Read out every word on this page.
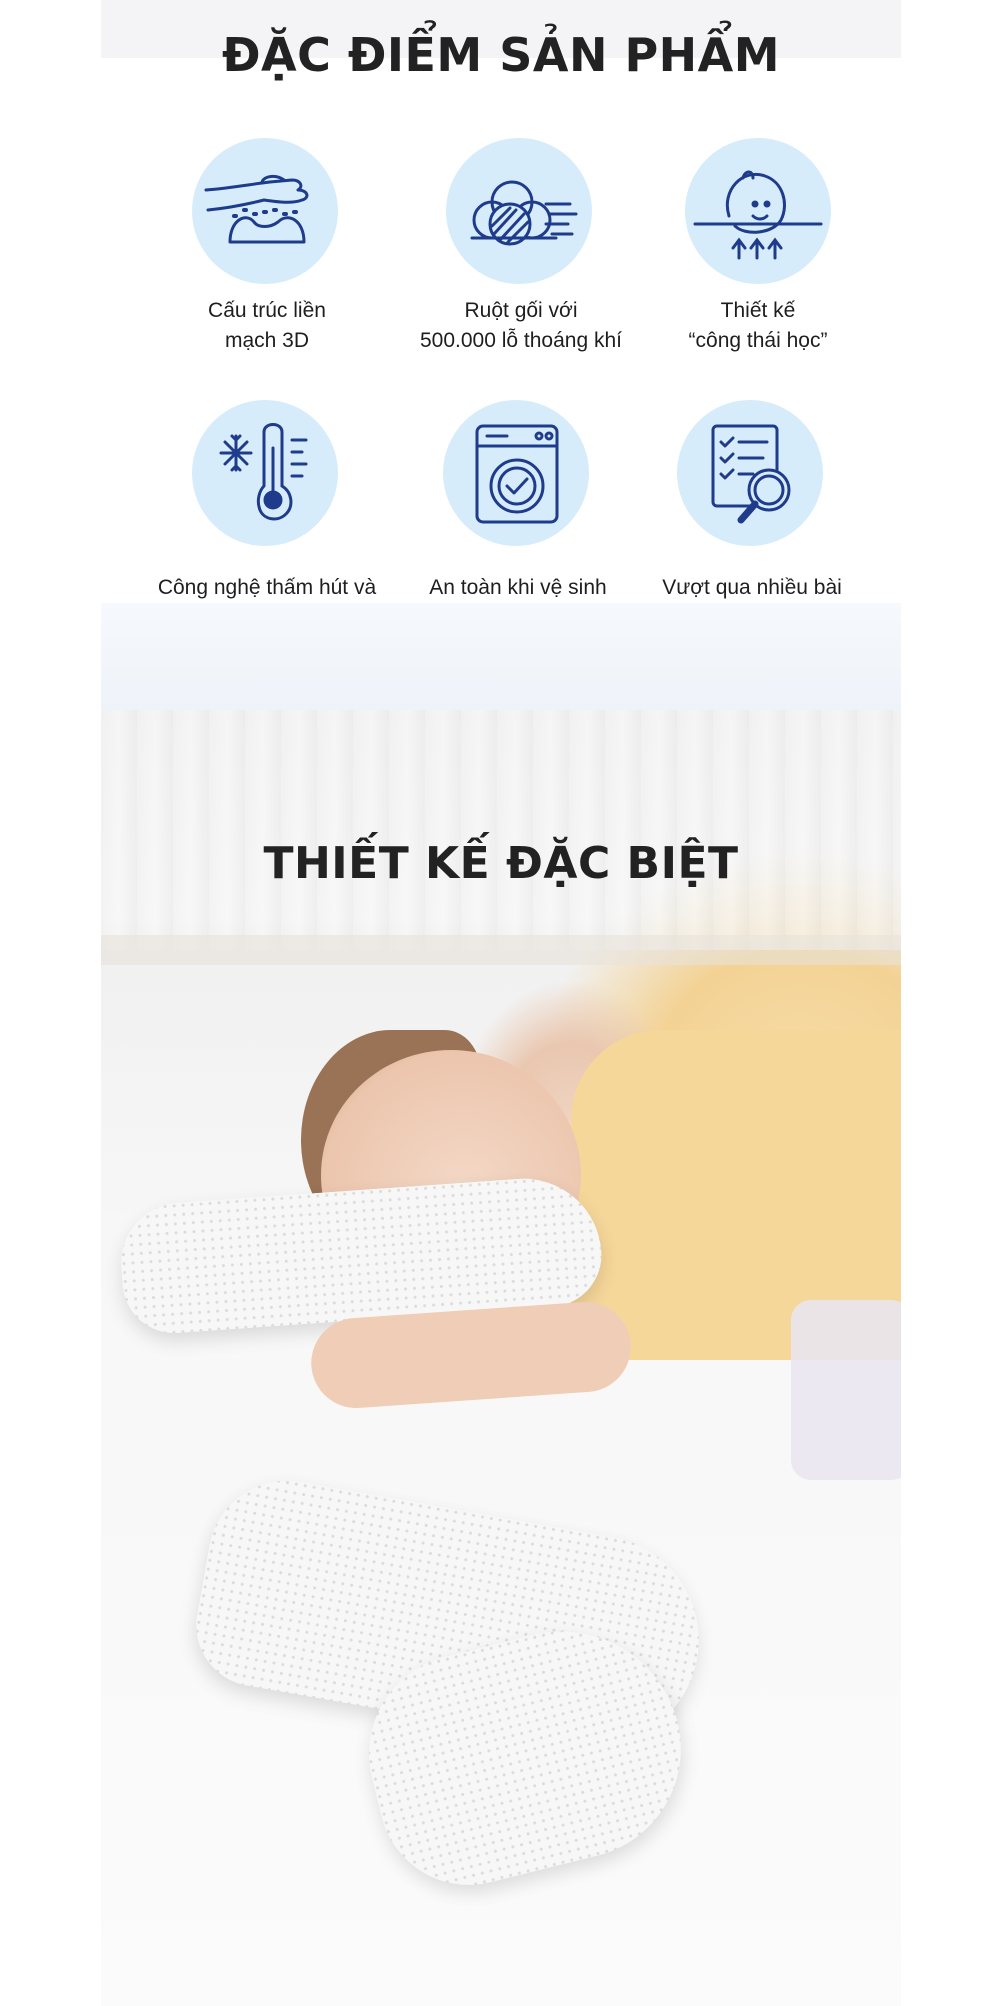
ĐẶC ĐIỂM SẢN PHẨM
Cấu trúc liền
mạch 3D
Ruột gối với
500.000 lỗ thoáng khí
Thiết kế
“công thái học”
Công nghệ thấm hút và	An toàn khi vệ sinh	Vượt qua nhiều bài
THIẾT KẾ ĐẶC BIỆT
